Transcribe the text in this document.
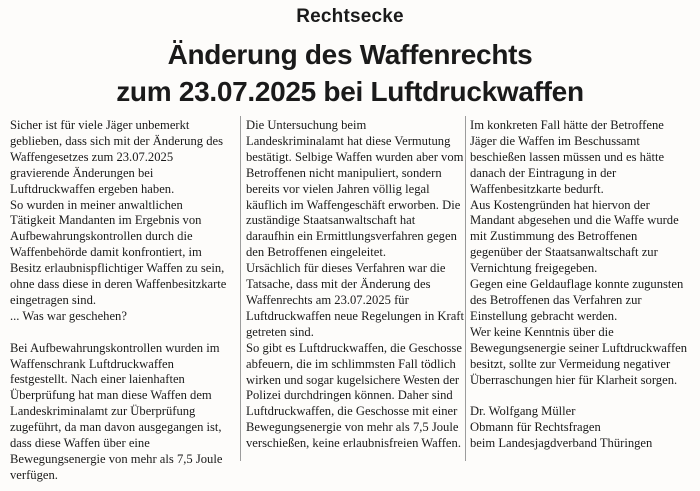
Rechtsecke
Änderung des Waffenrechts
zum 23.07.2025 bei Luftdruckwaffen

Sicher ist für viele Jäger unbemerkt geblieben, dass sich mit der Änderung des Waffengesetzes zum 23.07.2025 gravierende Änderungen bei Luftdruckwaffen ergeben haben.

So wurden in meiner anwaltlichen Tätigkeit Mandanten im Ergebnis von Aufbewahrungskontrollen durch die Waffenbehörde damit konfrontiert, im Besitz erlaubnispflichtiger Waffen zu sein, ohne dass diese in deren Waffenbesitzkarte eingetragen sind.

... Was war geschehen?

Bei Aufbewahrungskontrollen wurden im Waffenschrank Luftdruckwaffen festgestellt. Nach einer laienhaften Überprüfung hat man diese Waffen dem Landeskriminalamt zur Überprüfung zugeführt, da man davon ausgegangen ist, dass diese Waffen über eine Bewegungsenergie von mehr als 7,5 Joule verfügen.

Die Untersuchung beim Landeskriminalamt hat diese Vermutung bestätigt. Selbige Waffen wurden aber vom Betroffenen nicht manipuliert, sondern bereits vor vielen Jahren völlig legal käuflich im Waffengeschäft erworben. Die zuständige Staatsanwaltschaft hat daraufhin ein Ermittlungsverfahren gegen den Betroffenen eingeleitet.

Ursächlich für dieses Verfahren war die Tatsache, dass mit der Änderung des Waffenrechts am 23.07.2025 für Luftdruckwaffen neue Regelungen in Kraft getreten sind.

So gibt es Luftdruckwaffen, die Geschosse abfeuern, die im schlimmsten Fall tödlich wirken und sogar kugelsichere Westen der Polizei durchdringen können. Daher sind Luftdruckwaffen, die Geschosse mit einer Bewegungsenergie von mehr als 7,5 Joule verschießen, keine erlaubnisfreien Waffen.

Im konkreten Fall hätte der Betroffene Jäger die Waffen im Beschussamt beschießen lassen müssen und es hätte danach der Eintragung in der Waffenbesitzkarte bedurft.

Aus Kostengründen hat hiervon der Mandant abgesehen und die Waffe wurde mit Zustimmung des Betroffenen gegenüber der Staatsanwaltschaft zur Vernichtung freigegeben.

Gegen eine Geldauflage konnte zugunsten des Betroffenen das Verfahren zur Einstellung gebracht werden.

Wer keine Kenntnis über die Bewegungsenergie seiner Luftdruckwaffen besitzt, sollte zur Vermeidung negativer Überraschungen hier für Klarheit sorgen.

Dr. Wolfgang Müller

Obmann für Rechtsfragen

beim Landesjagdverband Thüringen
